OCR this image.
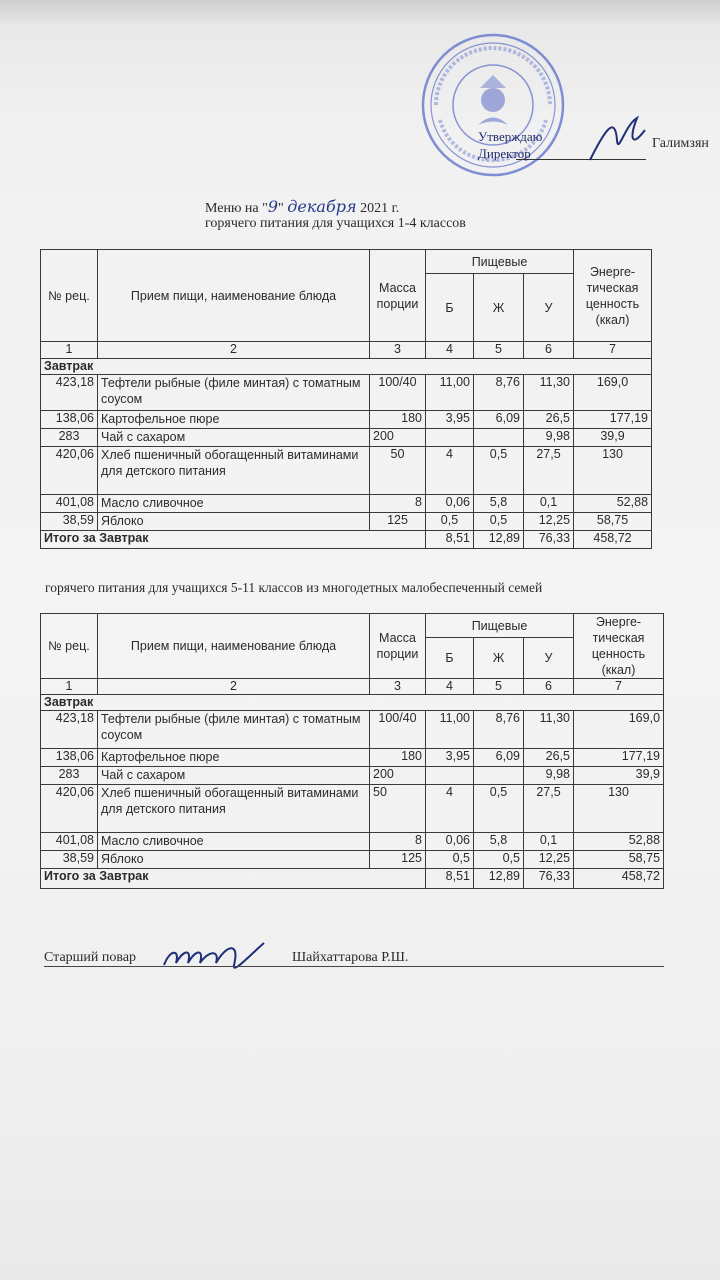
Утверждаю
Директор
Галимзян
Меню на "9" декабря 2021 г.
горячего питания для учащихся 1-4 классов
№ рец.	Прием пищи, наименование блюда	Масса порции	Пищевые			Энерге-тическая ценность (ккал)
			Б	Ж	У	
1	2	3	4	5	6	7
Завтрак						
423,18	Тефтели рыбные (филе минтая) с томатным соусом	100/40	11,00	8,76	11,30	169,0
138,06	Картофельное пюре	180	3,95	6,09	26,5	177,19
283	Чай с сахаром	200			9,98	39,9
420,06	Хлеб пшеничный обогащенный витаминами для детского питания	50	4	0,5	27,5	130
401,08	Масло сливочное	8	0,06	5,8	0,1	52,88
38,59	Яблоко	125	0,5	0,5	12,25	58,75
Итого за Завтрак			8,51	12,89	76,33	458,72
горячего питания для учащихся 5-11 классов из многодетных малобеспеченный семей
№ рец.	Прием пищи, наименование блюда	Масса порции	Пищевые			Энерге-тическая ценность (ккал)
			Б	Ж	У	
1	2	3	4	5	6	7
Завтрак						
423,18	Тефтели рыбные (филе минтая) с томатным соусом	100/40	11,00	8,76	11,30	169,0
138,06	Картофельное пюре	180	3,95	6,09	26,5	177,19
283	Чай с сахаром	200			9,98	39,9
420,06	Хлеб пшеничный обогащенный витаминами для детского питания	50	4	0,5	27,5	130
401,08	Масло сливочное	8	0,06	5,8	0,1	52,88
38,59	Яблоко	125	0,5	0,5	12,25	58,75
Итого за Завтрак			8,51	12,89	76,33	458,72
Старший повар	Шайхаттарова Р.Ш.
